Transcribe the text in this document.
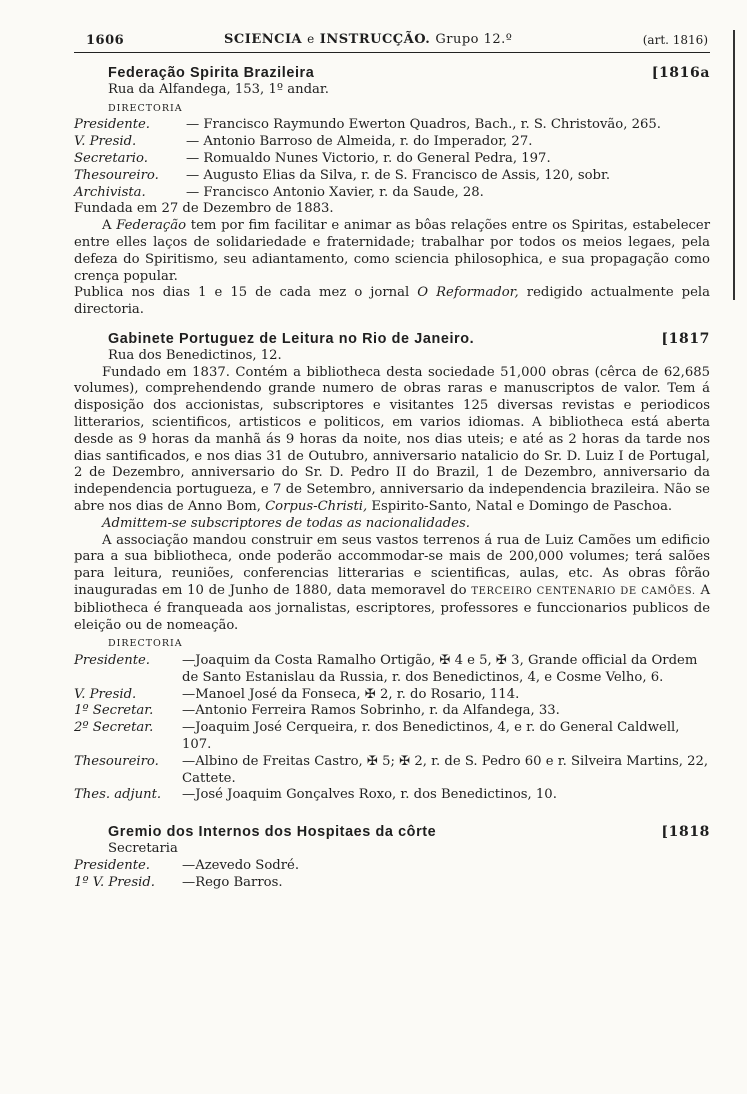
1606	SCIENCIA e INSTRUCÇÃO. Grupo 12.º	(art. 1816)
Federação Spirita Brazileira	[1816a
Rua da Alfandega, 153, 1º andar.
DIRECTORIA
Presidente.	— Francisco Raymundo Ewerton Quadros, Bach., r. S. Christovão, 265.
V. Presid.	— Antonio Barroso de Almeida, r. do Imperador, 27.
Secretario.	— Romualdo Nunes Victorio, r. do General Pedra, 197.
Thesoureiro. — Augusto Elias da Silva, r. de S. Francisco de Assis, 120, sobr.
Archivista.	— Francisco Antonio Xavier, r. da Saude, 28.
Fundada em 27 de Dezembro de 1883.
A Federação tem por fim facilitar e animar as bôas relações entre os Spiritas, estabelecer entre elles laços de solidariedade e fraternidade; trabalhar por todos os meios legaes, pela defeza do Spiritismo, seu adiantamento, como sciencia philosophica, e sua propagação como crença popular.
Publica nos dias 1 e 15 de cada mez o jornal O Reformador, redigido actualmente pela directoria.
Gabinete Portuguez de Leitura no Rio de Janeiro.	[1817
Rua dos Benedictinos, 12.
Fundado em 1837. Contém a bibliotheca desta sociedade 51,000 obras (cêrca de 62,685 volumes), comprehendendo grande numero de obras raras e manuscriptos de valor. Tem á disposição dos accionistas, subscriptores e visitantes 125 diversas revistas e periodicos litterarios, scientificos, artisticos e politicos, em varios idiomas. A bibliotheca está aberta desde as 9 horas da manhã ás 9 horas da noite, nos dias uteis; e até as 2 horas da tarde nos dias santificados, e nos dias 31 de Outubro, anniversario natalicio do Sr. D. Luiz I de Portugal, 2 de Dezembro, anniversario do Sr. D. Pedro II do Brazil, 1 de Dezembro, anniversario da independencia portugueza, e 7 de Setembro, anniversario da independencia brazileira. Não se abre nos dias de Anno Bom, Corpus-Christi, Espirito-Santo, Natal e Domingo de Paschoa.
Admittem-se subscriptores de todas as nacionalidades.
A associação mandou construir em seus vastos terrenos á rua de Luiz Camões um edificio para a sua bibliotheca, onde poderão accommodar-se mais de 200,000 volumes; terá salões para leitura, reuniões, conferencias litterarias e scientificas, aulas, etc. As obras fôrão inauguradas em 10 de Junho de 1880, data memoravel do TERCEIRO CENTENARIO DE CAMÕES. A bibliotheca é franqueada aos jornalistas, escriptores, professores e funccionarios publicos de eleição ou de nomeação.
DIRECTORIA
Presidente. —Joaquim da Costa Ramalho Ortigão, ✠ 4 e 5, ✠ 3, Grande official da Ordem de Santo Estanislau da Russia, r. dos Benedictinos, 4, e Cosme Velho, 6.
V. Presid.	—Manoel José da Fonseca, ✠ 2, r. do Rosario, 114.
1º Secretar. —Antonio Ferreira Ramos Sobrinho, r. da Alfandega, 33.
2º Secretar. —Joaquim José Cerqueira, r. dos Benedictinos, 4, e r. do General Caldwell, 107.
Thesoureiro. —Albino de Freitas Castro, ✠ 5; ✠ 2, r. de S. Pedro 60 e r. Silveira Martins, 22, Cattete.
Thes. adjunt. —José Joaquim Gonçalves Roxo, r. dos Benedictinos, 10.
Gremio dos Internos dos Hospitaes da côrte	[1818
Secretaria
Presidente. —Azevedo Sodré.
1º V. Presid. —Rego Barros.
